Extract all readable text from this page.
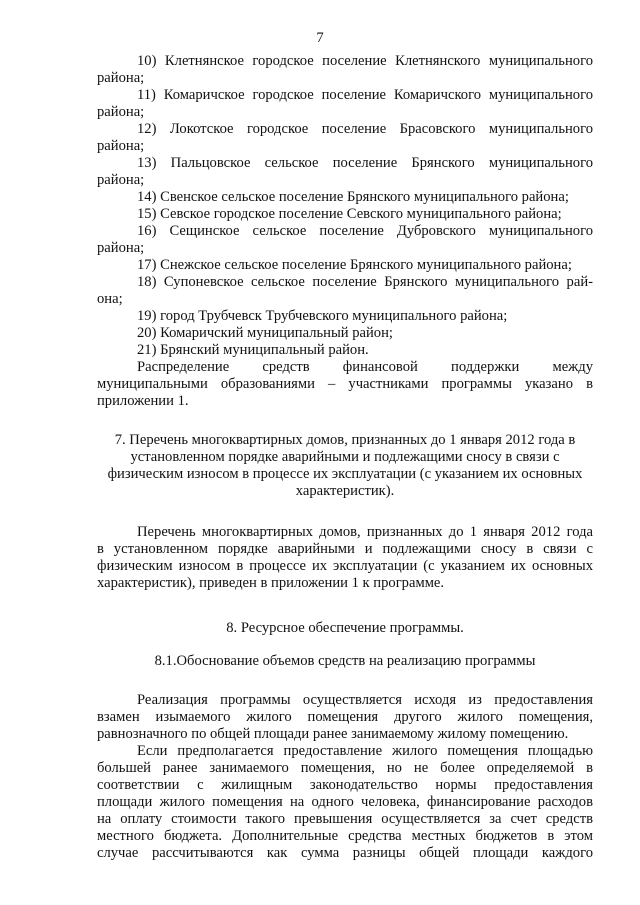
7

10) Клетнянское городское поселение Клетнянского муниципального

района;

11) Комаричское городское поселение Комаричского муниципального

района;

12) Локотское городское поселение Брасовского муниципального

района;

13) Пальцовское сельское поселение Брянского муниципального

района;

14) Свенское сельское поселение Брянского муниципального района;

15) Севское городское поселение Севского муниципального района;

16) Сещинское сельское поселение Дубровского муниципального

района;

17) Снежское сельское поселение Брянского муниципального района;

18) Супоневское сельское поселение Брянского муниципального рай-

она;

19) город Трубчевск Трубчевского муниципального района;

20) Комаричский муниципальный район;

21) Брянский муниципальный район.

Распределение средств финансовой поддержки между

муниципальными образованиями – участниками программы указано в

приложении 1.

7. Перечень многоквартирных домов, признанных до 1 января 2012 года в

установленном порядке аварийными и подлежащими сносу в связи с

физическим износом в процессе их эксплуатации (с указанием их основных

характеристик).

Перечень многоквартирных домов, признанных до 1 января 2012 года

в установленном порядке аварийными и подлежащими сносу в связи с

физическим износом в процессе их эксплуатации (с указанием их основных

характеристик), приведен в приложении 1 к программе.

8. Ресурсное обеспечение программы.

8.1.Обоснование объемов средств на реализацию программы

Реализация программы осуществляется исходя из предоставления

взамен изымаемого жилого помещения другого жилого помещения,

равнозначного по общей площади ранее занимаемому жилому помещению.

Если предполагается предоставление жилого помещения площадью

большей ранее занимаемого помещения, но не более определяемой в

соответствии с жилищным законодательство нормы предоставления

площади жилого помещения на одного человека, финансирование расходов

на оплату стоимости такого превышения осуществляется за счет средств

местного бюджета. Дополнительные средства местных бюджетов в этом

случае рассчитываются как сумма разницы общей площади каждого
